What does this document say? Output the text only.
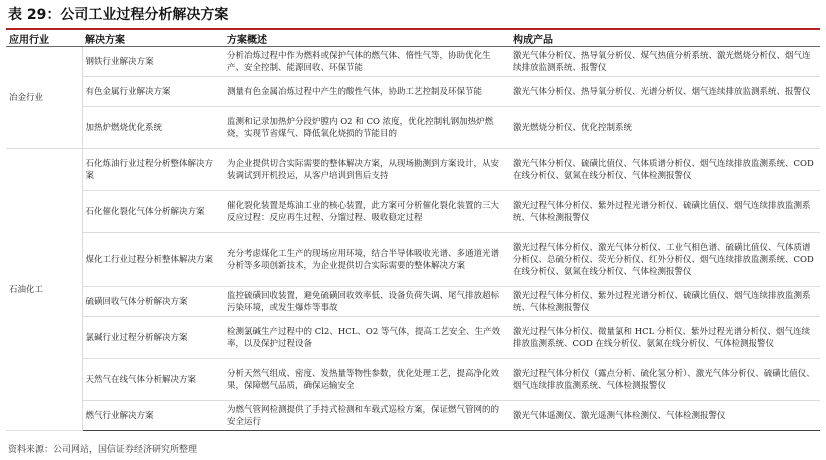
表 29：公司工业过程分析解决方案
应用行业	解决方案	方案概述	构成产品
冶金行业	钢铁行业解决方案	分析冶炼过程中作为燃料或保护气体的燃气体、惰性气等，协助优化生产、安全控制、能源回收、环保节能	激光气体分析仪、热导氧分析仪、煤气热值分析系统、激光燃烧分析仪、烟气连续排放监测系统、报警仪
	有色金属行业解决方案	测量有色金属冶炼过程中产生的酸性气体，协助工艺控制及环保节能	激光气体分析仪、热导氧分析仪、光谱分析仪、烟气连续排放监测系统、报警仪
	加热炉燃烧优化系统	监测和记录加热炉分段炉膛内 O2 和 CO 浓度，优化控制轧钢加热炉燃烧，实现节省煤气、降低氧化烧损的节能目的	激光燃烧分析仪、优化控制系统
石油化工	石化炼油行业过程分析整体解决方案	为企业提供切合实际需要的整体解决方案，从现场勘测到方案设计，从安装调试到开机投运，从客户培训到售后支持	激光气体分析仪、硫磺比值仪、气体质谱分析仪、烟气连续排放监测系统、COD 在线分析仪、氨氮在线分析仪、气体检测报警仪
	石化催化裂化气体分析解决方案	催化裂化装置是炼油工业的核心装置，此方案可分析催化裂化装置的三大反应过程：反应再生过程、分馏过程、吸收稳定过程	激光过程气体分析仪、紫外过程光谱分析仪、硫磺比值仪、烟气连续排放监测系统、气体检测报警仪
	煤化工行业过程分析整体解决方案	充分考虑煤化工生产的现场应用环境，结合半导体吸收光谱、多通道光谱分析等多项创新技术，为企业提供切合实际需要的整体解决方案	激光过程气体分析仪、激光气体分析仪、工业气相色谱、硫磺比值仪、气体质谱分析仪、总硫分析仪、荧光分析仪、红外分析仪、烟气连续排放监测系统、COD 在线分析仪、氨氮在线分析仪、气体检测报警仪
	硫磺回收气体分析解决方案	监控硫磺回收装置，避免硫磺回收效率低、设备负荷失调、尾气排放超标污染环境，或发生爆炸等事故	激光过程气体分析仪、紫外过程光谱分析仪、硫磺比值仪、烟气连续排放监测系统、气体检测报警仪
	氯碱行业过程分析解决方案	检测氯碱生产过程中的 Cl2、HCL、O2 等气体，提高工艺安全、生产效率，以及保护过程设备	激光过程气体分析仪、微量氯和 HCL 分析仪、紫外过程光谱分析仪、烟气连续排放监测系统、COD 在线分析仪、氨氮在线分析仪、气体检测报警仪
	天然气在线气体分析解决方案	分析天然气组成、密度、发热量等物性参数，优化处理工艺，提高净化效果，保障燃气品质，确保运输安全	激光过程气体分析仪（露点分析、硫化氢分析）、激光气体分析仪、硫磺比值仪、烟气连续排放监测系统、气体检测报警仪
	燃气行业解决方案	为燃气管网检测提供了手持式检测和车载式巡检方案，保证燃气管网的的安全运行	激光气体遥测仪、激光遥测气体检测仪、气体检测报警仪
资料来源：公司网站，国信证券经济研究所整理
